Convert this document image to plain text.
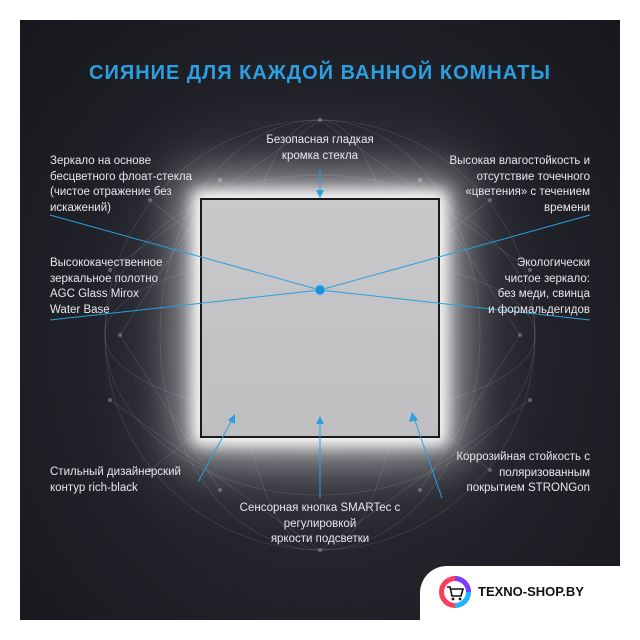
СИЯНИЕ ДЛЯ КАЖДОЙ ВАННОЙ КОМНАТЫ

Безопасная гладкая
кромка стекла
Зеркало на основе
бесцветного флоат-стекла
(чистое отражение без
искажений)
Высокая влагостойкость и
отсутствие точечного
«цветения» с течением
времени
Высококачественное
зеркальное полотно
AGC Glass Mirox
Water Base
Экологически
чистое зеркало:
без меди, свинца
и формальдегидов
Стильный дизайнерский
контур rich-black
Коррозийная стойкость с
поляризованным
покрытием STRONGon
Сенсорная кнопка SMARTec с
регулировкой
яркости подсветки

TEXNO-SHOP.BY
